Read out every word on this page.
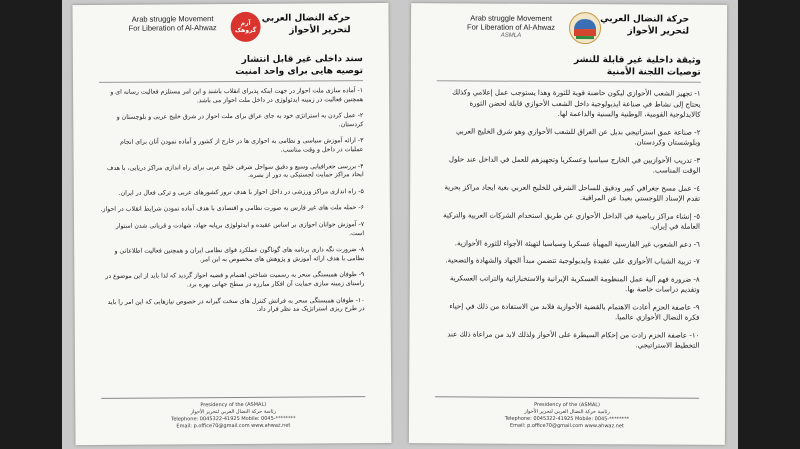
Arab struggle Movement
For Liberation of Al-Ahwaz	آرم گروهک
حركة النضال العربي
لتحرير الأحواز
سند داخلی غیر قابل انتشار
توصیه هایی برای واحد امنیت
۱- آماده سازی ملت احواز در جهت اینکه پذیرای انقلاب باشند و این امر مستلزم فعالیت رسانه ای و همچنین فعالیت در زمینه ایدئولوژی در داخل ملت احواز می باشد.
۲- عمل کردن به استراتژی خود به جای عراق برای ملت احواز در شرق خلیج عربی و بلوچستان و کردستان.
۳- ارائه آموزش سیاسی و نظامی به احوازی ها در خارج از کشور و آماده نمودن آنان برای انجام عملیات در داخل و وقت مناسب.
۴- بررسی جغرافیایی وسیع و دقیق سواحل شرقی خلیج عربی برای راه اندازی مراکز دریایی، با هدف ایجاد مراکز حمایت لجستیکی به دور از بصره.
۵- راه اندازی مراکز ورزشی در داخل احواز با هدف ترور کشورهای عربی و ترکی فعال در ایران.
۶- حمله ملت های غیر فارس به صورت نظامی و اقتصادی با هدف آماده نمودن شرایط انقلاب در احواز.
۷- آموزش جوانان احوازی بر اساس عقیده و ایدئولوژی برپایه جهاد، شهادت و قربانی شدن استوار است.
۸- ضرورت نگه داری برنامه های گوناگون عملکرد قوای نظامی ایران و همچنین فعالیت اطلاعاتی و نظامی با هدف ارائه آموزش و پژوهش های مخصوص به این امر.
۹- طوفان همبستگی سحر به رسمیت شناختن اهتمام و قضیه احواز گردید که لذا باید از این موضوع در راستای زمینه سازی حمایت آن افکار مبارزه در سطح جهانی بهره برد.
۱۰- طوفان همبستگی سحر به فراتش کنترل های سخت گیرانه در خصوص نیازهایی که این امر را باید در طرح ریزی استراتژیک مد نظر قرار داد.
Presidency of the (ASMAL)
رئاسة حركة النضال العربي لتحرير الأحواز
Telephone: 0045322-41925 Mobile: 0045-********
Email: p.office70@gmail.com www.ahwaz.net
Arab struggle Movement
For Liberation of Al-Ahwaz
ASMLA
حركة النضال العربي
لتحرير الأحواز
وثيقة داخلية غير قابلة للنشر
توصيات اللجنة الأمنية
١- تجهيز الشعب الأحوازي ليكون حاضنة قوية للثورة وهذا يستوجب عمل إعلامي وكذلك يحتاج إلى نشاط في صناعة ايديولوجية داخل الشعب الأحوازي قابلة لحضن الثورة كالايدلوجية القومية، الوطنية والسنية والداعمة لها.
٢- صناعة عمق استراتيجي بديل عن العراق للشعب الأحوازي وهو شرق الخليج العربي وبلوشستان وكردستان.
٣- تدريب الأحوازيين في الخارج سياسيا وعسكريا وتجهيزهم للعمل في الداخل عند حلول الوقت المناسب.
٤- عمل مسح جغرافي كبير ودقيق للساحل الشرقي للخليج العربي بغية ايجاد مراكز بحرية تقدم الإسناد اللوجستي بعيدا عن المراقبة.
٥- إنشاء مراكز رياضية في الداخل الأحوازي عن طريق استخدام الشركات العربية والتركية العاملة في إيران.
٦- دعم الشعوب غير الفارسية المهيأة عسكريا وسياسيا لتهيئة الأجواء للثورة الأحوازية.
٧- تربية الشباب الأحوازي على عقيدة وايديولوجية تتضمن مبدأ الجهاد والشهادة والتضحية.
٨- ضرورة فهم آلية عمل المنظومة العسكرية الإيرانية والاستخباراتية والتراتب العسكرية وتقديم دراسات خاصة بها.
٩- عاصفة الحزم أعادت الاهتمام بالقضية الأحوازية فلابد من الاستفادة من ذلك في إحياء فكرة النضال الأحوازي عالميا.
١٠- عاصفة الحزم زادت من إحكام السيطرة على الأحواز ولذلك لابد من مراعاة ذلك عند التخطيط الاستراتيجي.
Presidency of the (ASMAL)
رئاسة حركة النضال العربي لتحرير الأحواز
Telephone: 0045322-41925 Mobile: 0045-********
Email: p.office70@gmail.com www.ahwaz.net
